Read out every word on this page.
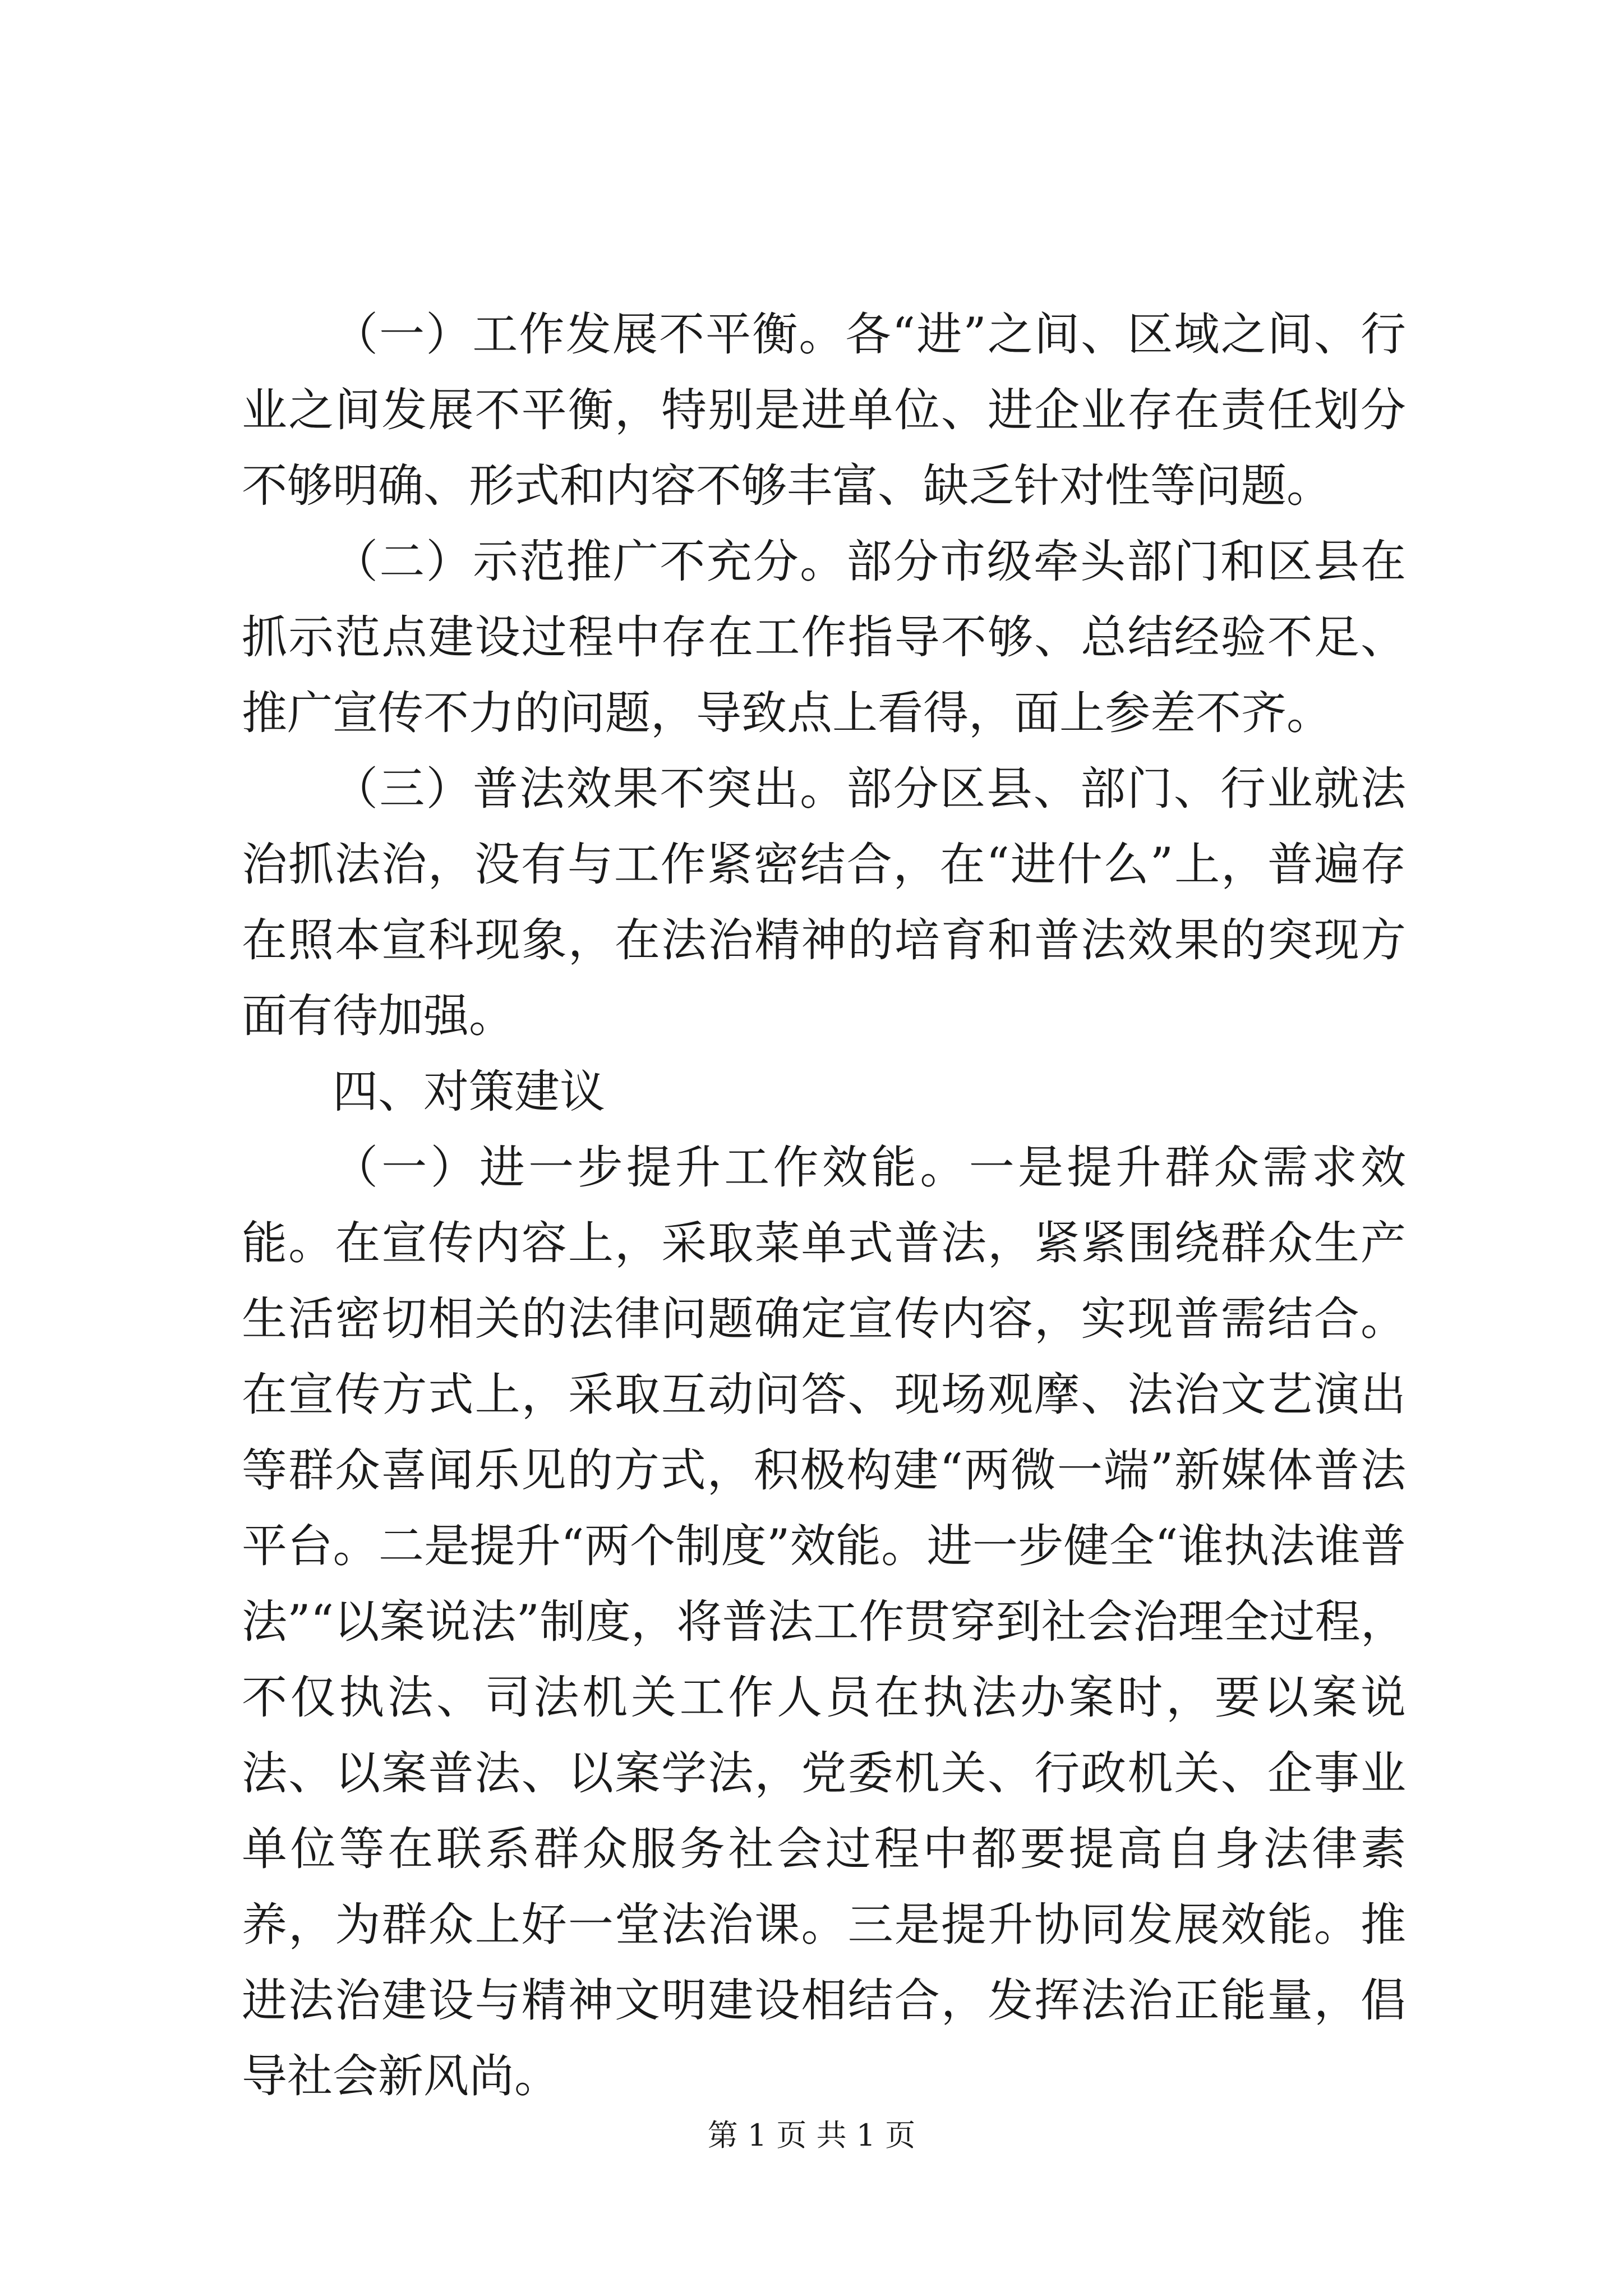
（一）工作发展不平衡。各“进”之间、区域之间、行业之间发展不平衡，特别是进单位、进企业存在责任划分不够明确、形式和内容不够丰富、缺乏针对性等问题。

（二）示范推广不充分。部分市级牵头部门和区县在抓示范点建设过程中存在工作指导不够、总结经验不足、推广宣传不力的问题，导致点上看得，面上参差不齐。

（三）普法效果不突出。部分区县、部门、行业就法治抓法治，没有与工作紧密结合，在“进什么”上，普遍存在照本宣科现象，在法治精神的培育和普法效果的突现方面有待加强。

四、对策建议

（一）进一步提升工作效能。一是提升群众需求效能。在宣传内容上，采取菜单式普法，紧紧围绕群众生产生活密切相关的法律问题确定宣传内容，实现普需结合。在宣传方式上，采取互动问答、现场观摩、法治文艺演出等群众喜闻乐见的方式，积极构建“两微一端”新媒体普法平台。二是提升“两个制度”效能。进一步健全“谁执法谁普法”“以案说法”制度，将普法工作贯穿到社会治理全过程，不仅执法、司法机关工作人员在执法办案时，要以案说法、以案普法、以案学法，党委机关、行政机关、企事业单位等在联系群众服务社会过程中都要提高自身法律素养，为群众上好一堂法治课。三是提升协同发展效能。推进法治建设与精神文明建设相结合，发挥法治正能量，倡导社会新风尚。

第 1 页 共 1 页
